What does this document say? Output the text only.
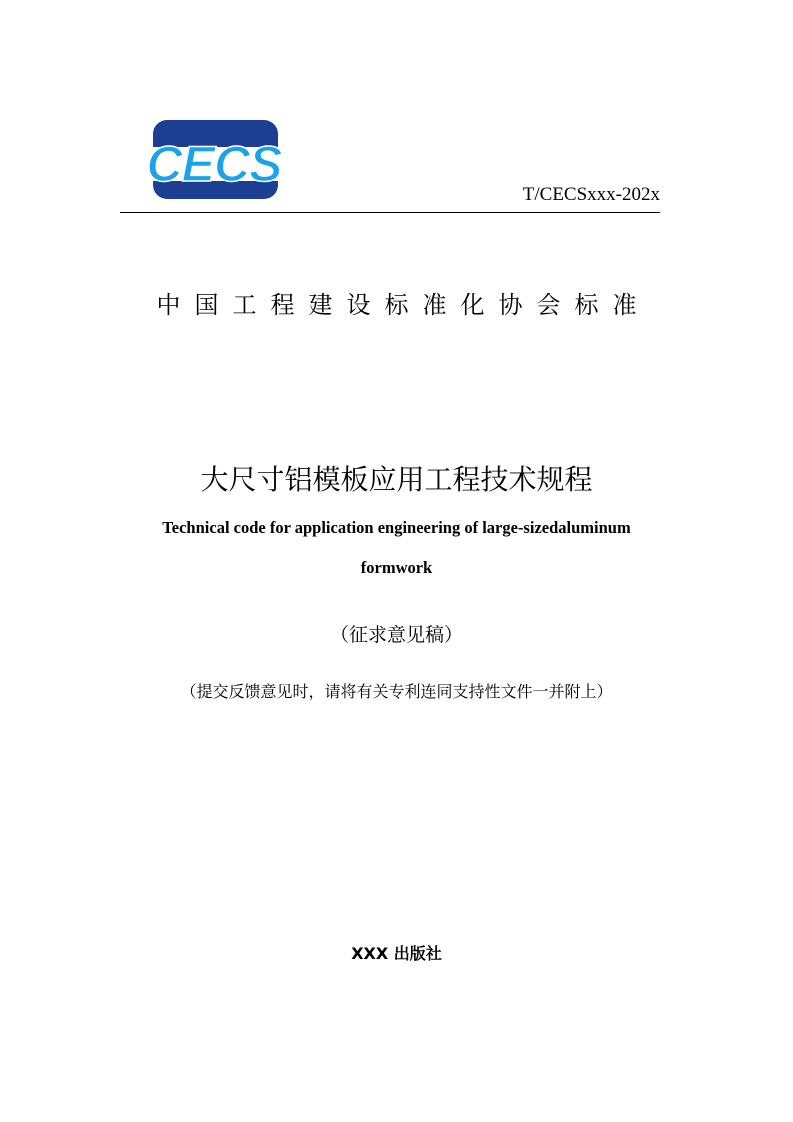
CECS
T/CECSxxx-202x
中国工程建设标准化协会标准
大尺寸铝模板应用工程技术规程
Technical code for application engineering of large-sizedaluminum
formwork
（征求意见稿）
（提交反馈意见时，请将有关专利连同支持性文件一并附上）
XXX 出版社
